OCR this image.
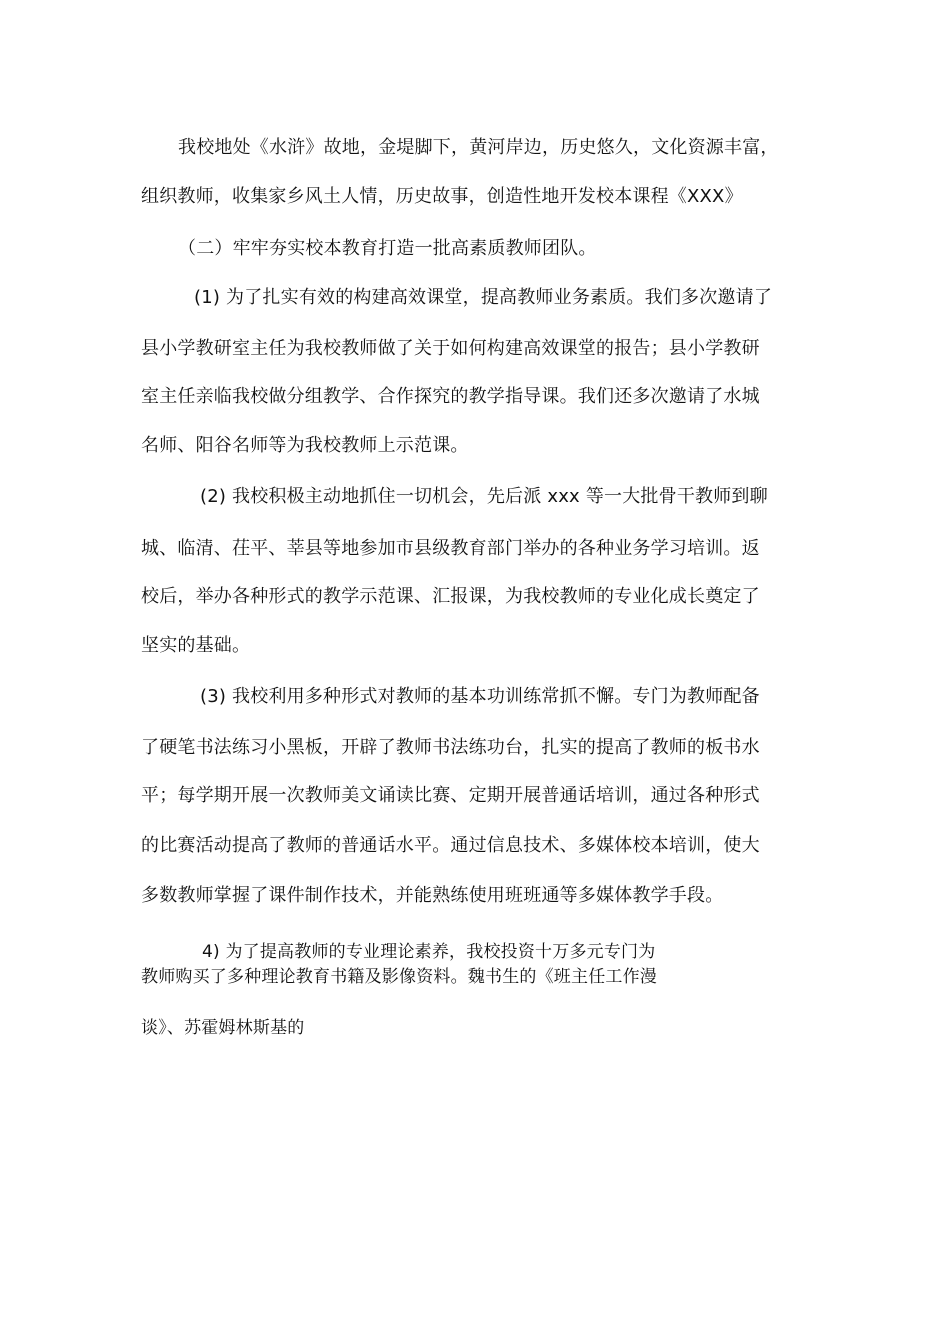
我校地处《水浒》故地，金堤脚下，黄河岸边，历史悠久，文化资源丰富，
组织教师，收集家乡风土人情，历史故事，创造性地开发校本课程《XXX》
（二）牢牢夯实校本教育打造一批高素质教师团队。
(1) 为了扎实有效的构建高效课堂，提高教师业务素质。我们多次邀请了
县小学教研室主任为我校教师做了关于如何构建高效课堂的报告；县小学教研
室主任亲临我校做分组教学、合作探究的教学指导课。我们还多次邀请了水城
名师、阳谷名师等为我校教师上示范课。
(2) 我校积极主动地抓住一切机会，先后派 xxx 等一大批骨干教师到聊
城、临清、茌平、莘县等地参加市县级教育部门举办的各种业务学习培训。返
校后，举办各种形式的教学示范课、汇报课，为我校教师的专业化成长奠定了
坚实的基础。
(3) 我校利用多种形式对教师的基本功训练常抓不懈。专门为教师配备
了硬笔书法练习小黑板，开辟了教师书法练功台，扎实的提高了教师的板书水
平；每学期开展一次教师美文诵读比赛、定期开展普通话培训，通过各种形式
的比赛活动提高了教师的普通话水平。通过信息技术、多媒体校本培训，使大
多数教师掌握了课件制作技术，并能熟练使用班班通等多媒体教学手段。
4) 为了提高教师的专业理论素养，我校投资十万多元专门为
教师购买了多种理论教育书籍及影像资料。魏书生的《班主任工作漫
谈》、苏霍姆林斯基的
